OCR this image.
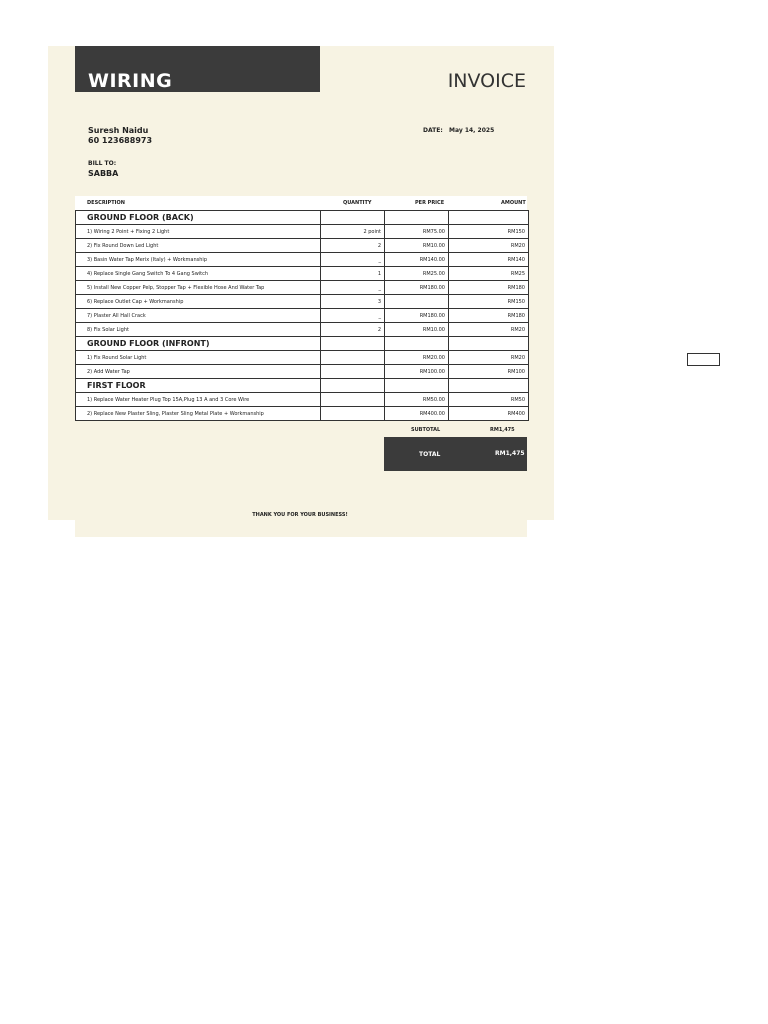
WIRING	INVOICE
Suresh Naidu
60 123688973
DATE: May 14, 2025
BILL TO:
SABBA
DESCRIPTION	QUANTITY	PER PRICE	AMOUNT
GROUND FLOOR (BACK)			
1) Wiring 2 Point + Fixing 2 Light	2 point	RM75.00	RM150
2) Fix Round Down Led Light	2	RM10.00	RM20
3) Basin Water Tap Merix (Italy) + Workmanship	_	RM140.00	RM140
4) Replace Single Gang Switch To 4 Gang Switch	1	RM25.00	RM25
5) Install New Copper Pelp, Stopper Tap + Flexible Hose And Water Tap	_	RM180.00	RM180
6) Replace Outlet Cap + Workmanship	3		RM150
7) Plaster All Hall Crack	_	RM180.00	RM180
8) Fix Solar Light	2	RM10.00	RM20
GROUND FLOOR (INFRONT)			
1) Fix Round Solar Light		RM20.00	RM20
2) Add Water Tap		RM100.00	RM100
FIRST FLOOR			
1) Replace Water Heater Plug Top 15A,Plug 13 A and 3 Core Wire		RM50.00	RM50
2) Replace New Plaster Sling, Plaster Sling Metal Plate + Workmanship		RM400.00	RM400
SUBTOTAL	RM1,475
TOTAL	RM1,475
THANK YOU FOR YOUR BUSINESS!
